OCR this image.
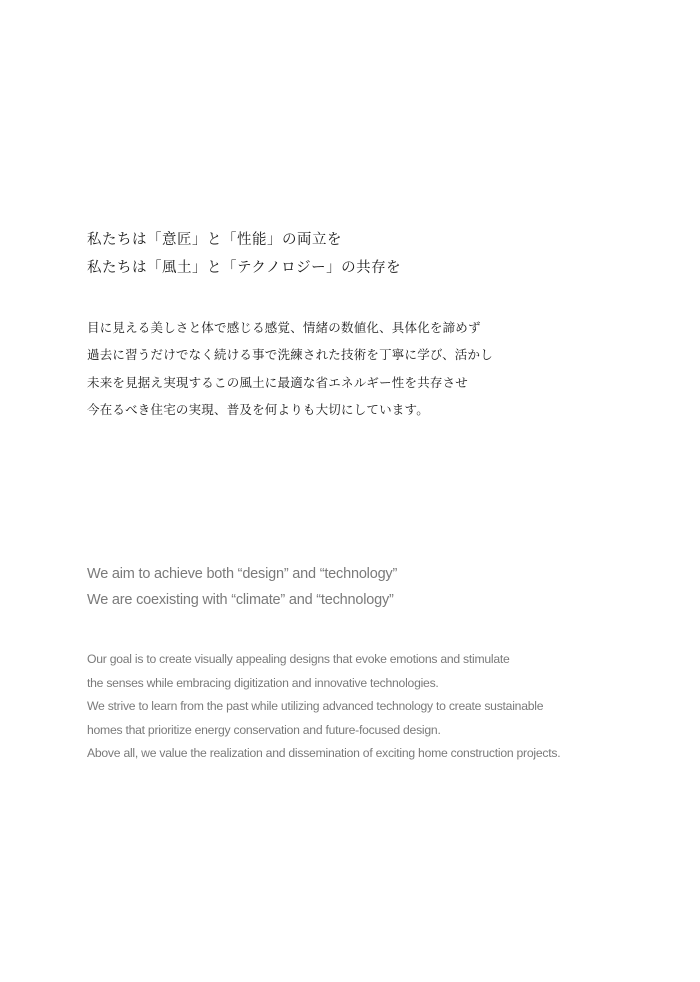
私たちは「意匠」と「性能」の両立を
私たちは「風土」と「テクノロジー」の共存を
目に見える美しさと体で感じる感覚、情緒の数値化、具体化を諦めず
過去に習うだけでなく続ける事で洗練された技術を丁寧に学び、活かし
未来を見据え実現するこの風土に最適な省エネルギー性を共存させ
今在るべき住宅の実現、普及を何よりも大切にしています。
We aim to achieve both “design” and “technology”
We are coexisting with “climate” and “technology”
Our goal is to create visually appealing designs that evoke emotions and stimulate
the senses while embracing digitization and innovative technologies.
We strive to learn from the past while utilizing advanced technology to create sustainable
homes that prioritize energy conservation and future-focused design.
Above all, we value the realization and dissemination of exciting home construction projects.
